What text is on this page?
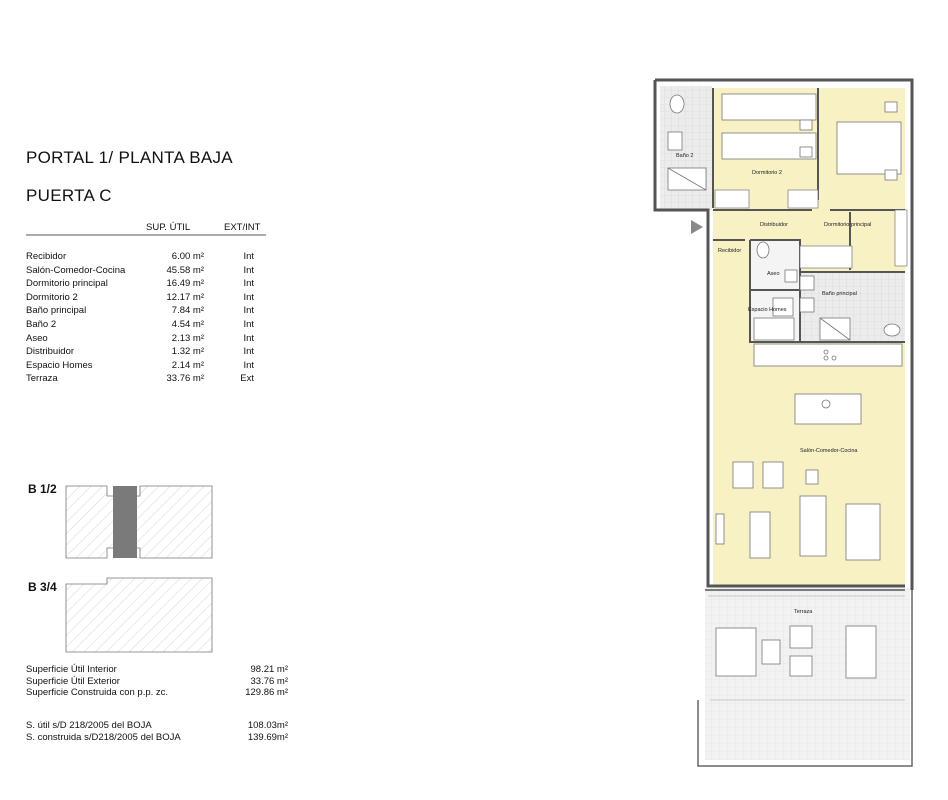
PORTAL 1/ PLANTA BAJA
PUERTA C
SUP. ÚTIL	EXT/INT
Recibidor	6.00 m²	Int
Salón-Comedor-Cocina	45.58 m²	Int
Dormitorio principal	16.49 m²	Int
Dormitorio 2	12.17 m²	Int
Baño principal	7.84 m²	Int
Baño 2	4.54 m²	Int
Aseo	2.13 m²	Int
Distribuidor	1.32 m²	Int
Espacio Homes	2.14 m²	Int
Terraza	33.76 m²	Ext
B 1/2
B 3/4
Superficie Útil Interior	98.21 m²
Superficie Útil Exterior	33.76 m²
Superficie Construida con p.p. zc.	129.86 m²
S. útil s/D 218/2005 del BOJA	108.03m²
S. construida s/D218/2005 del BOJA	139.69m²
Baño 2
Dormitorio 2
Distribuidor	Dormitorio principal
Recibidor
Aseo
Baño principal
Espacio Homes
Salón-Comedor-Cocina
Terraza
